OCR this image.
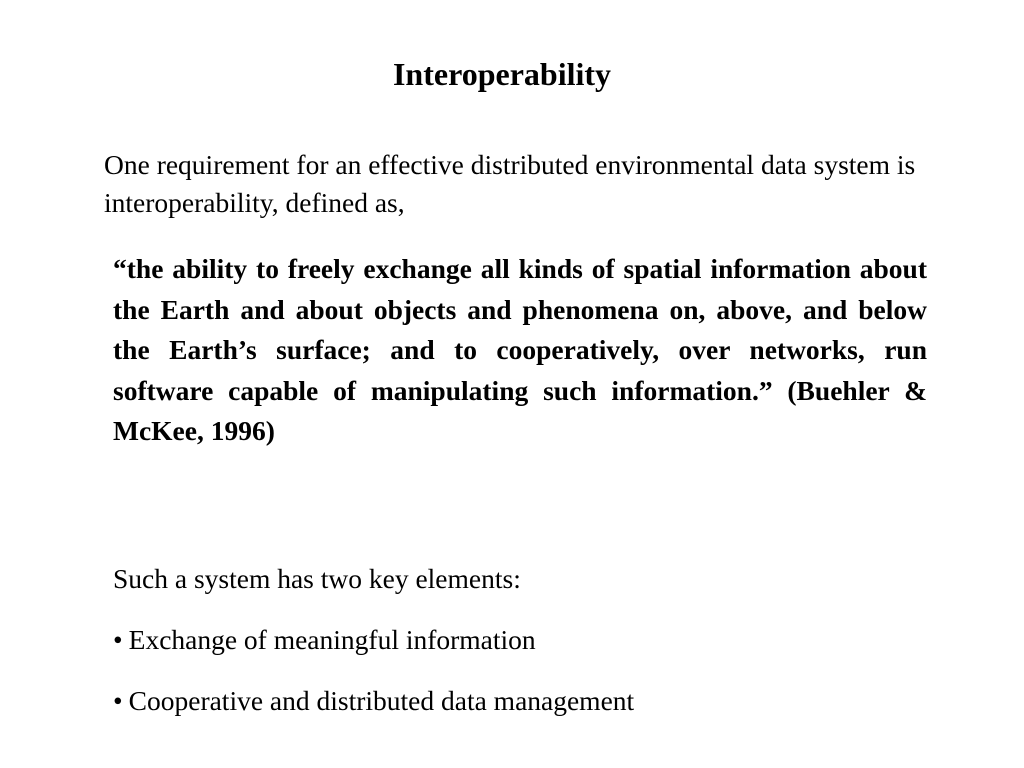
Interoperability

One requirement for an effective distributed environmental data system is interoperability, defined as,

“the ability to freely exchange all kinds of spatial information about the Earth and about objects and phenomena on, above, and below the Earth’s surface; and to cooperatively, over networks, run software capable of manipulating such information.” (Buehler & McKee, 1996)

Such a system has two key elements:

• Exchange of meaningful information
• Cooperative and distributed data management
